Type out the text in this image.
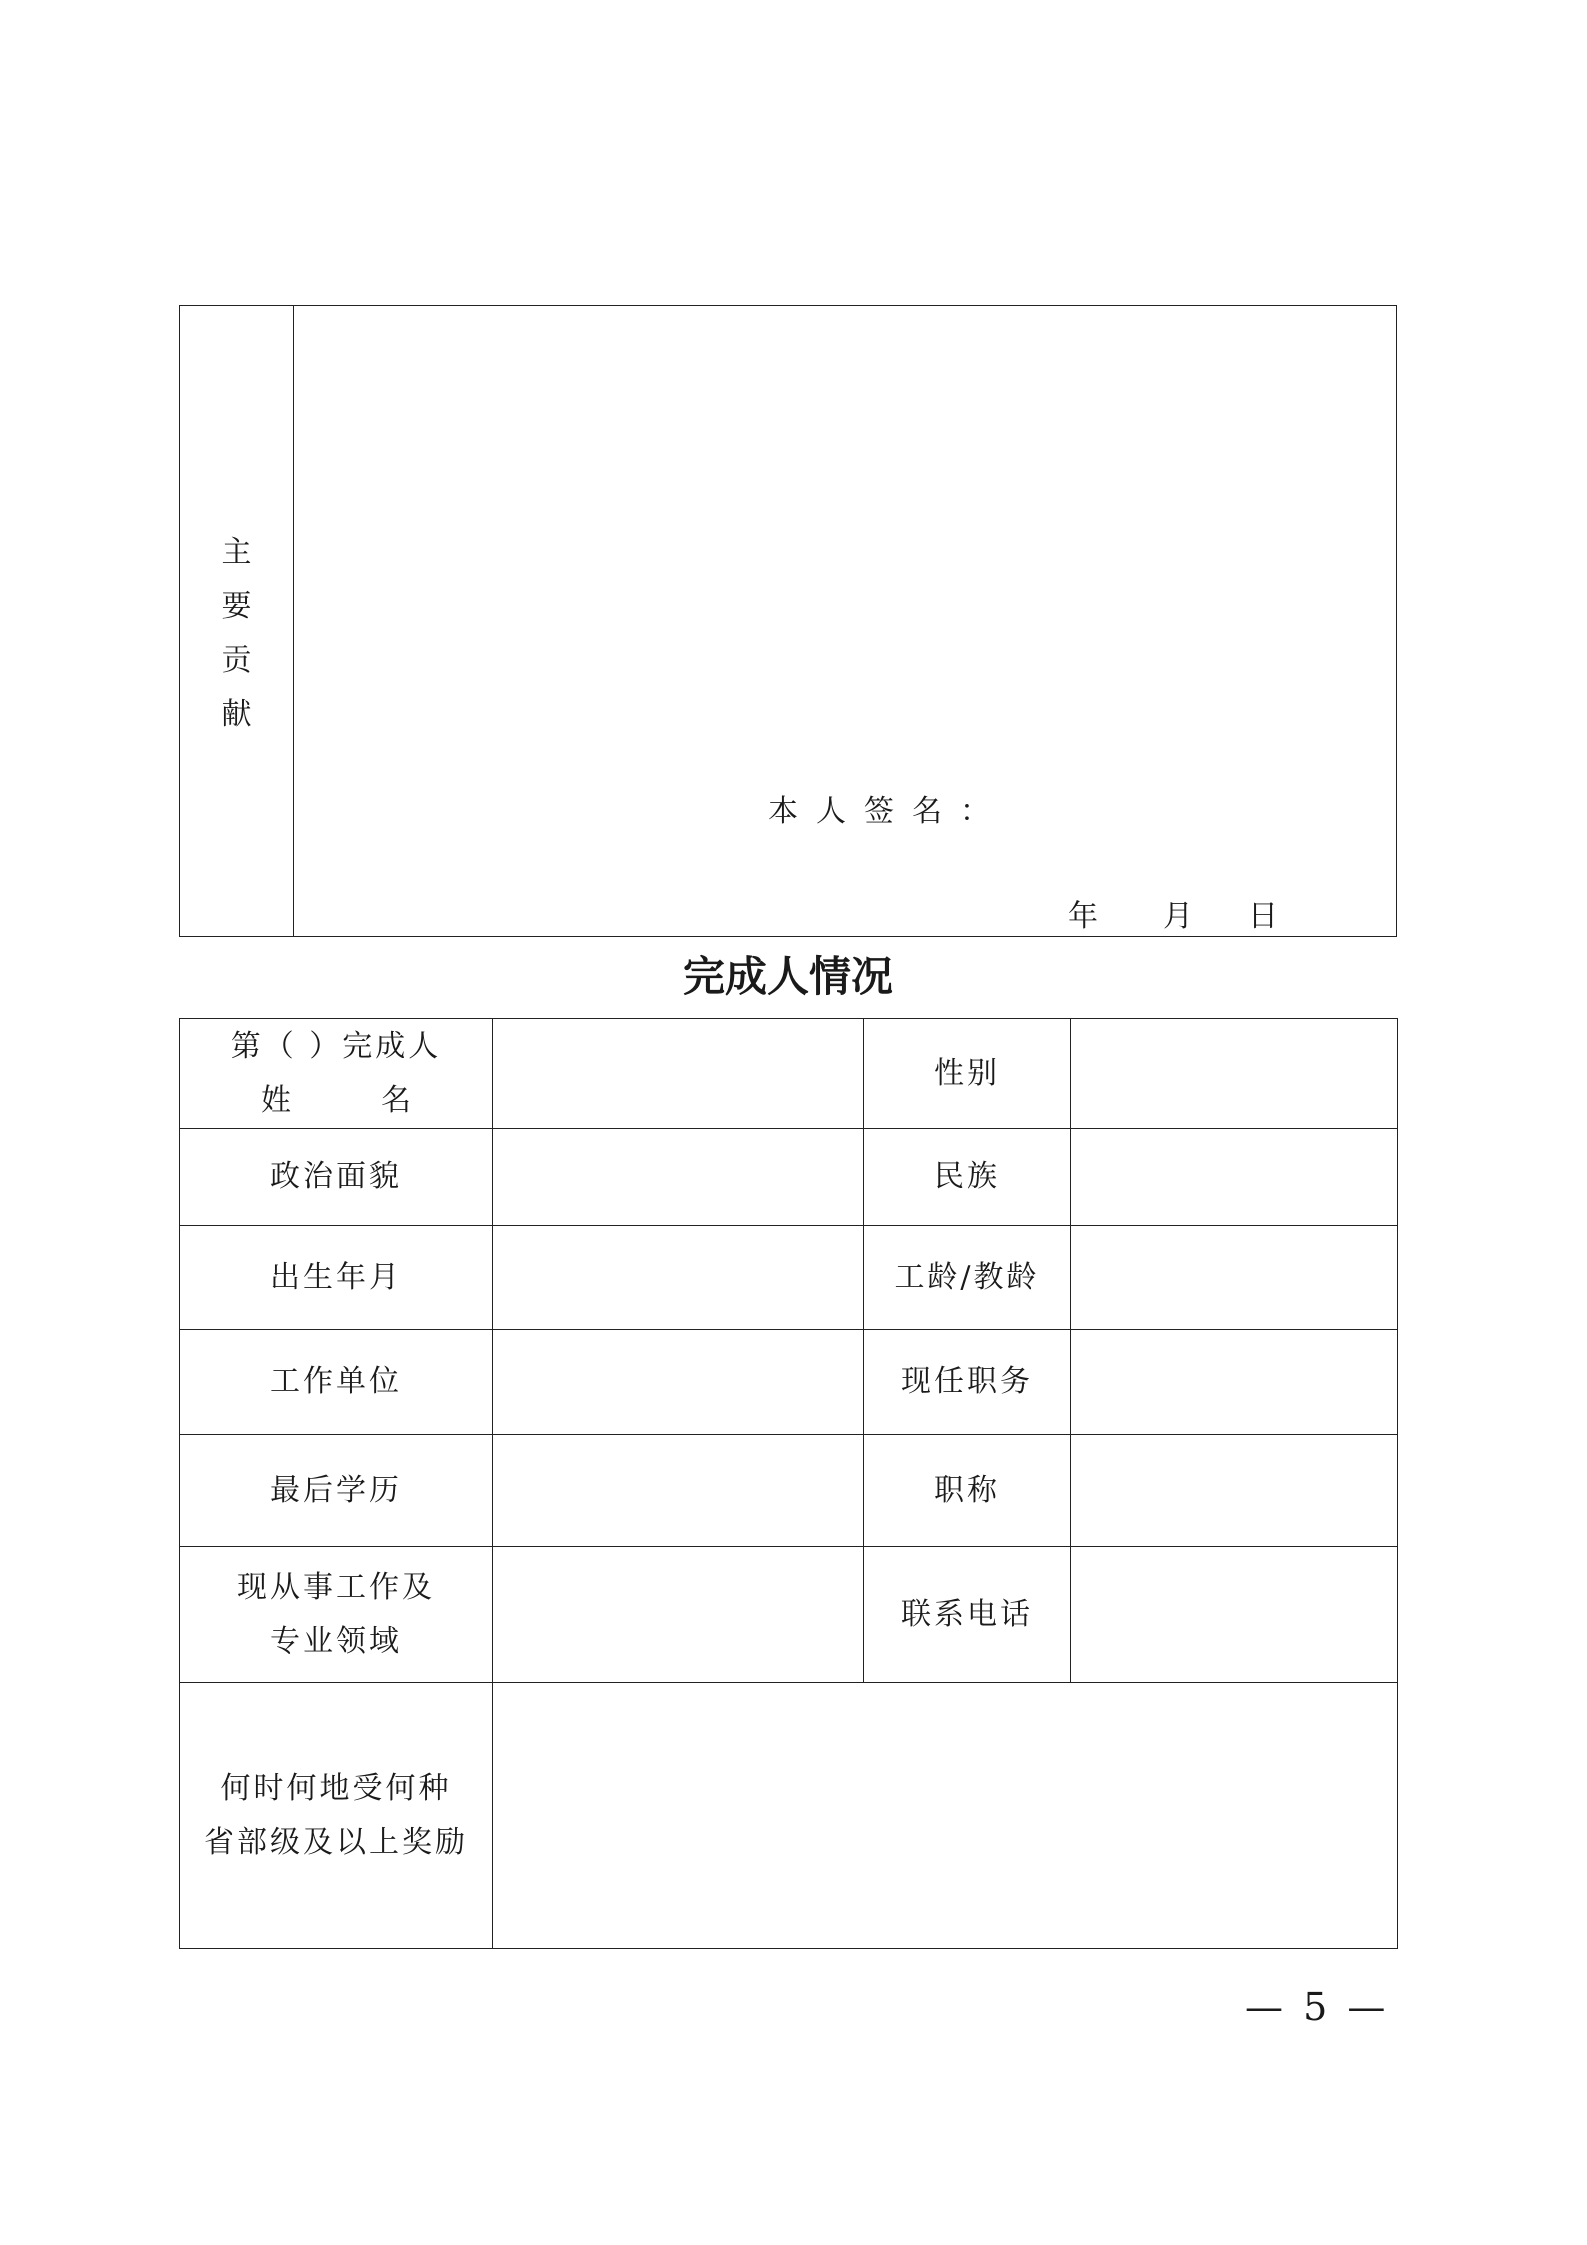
主
要
贡
献
本人签名：
年 月 日
完成人情况
第（ ）完成人
姓 名		性别	
政治面貌		民族	
出生年月		工龄/教龄	
工作单位		现任职务	
最后学历		职称	

现从事工作及
专业领域		联系电话	

何时何地受何种
省部级及以上奖励			

— 5 —
